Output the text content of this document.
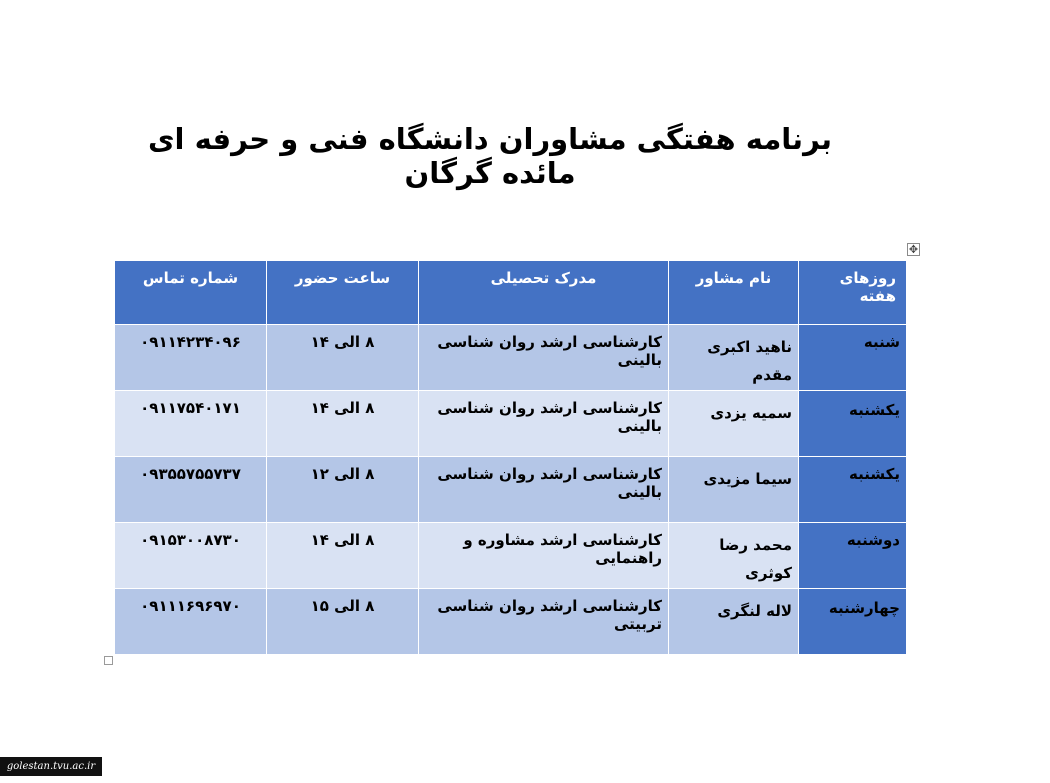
برنامه هفتگی مشاوران دانشگاه فنی و حرفه ای مائده گرگان
✥
روزهای هفته	نام مشاور	مدرک تحصیلی	ساعت حضور	شماره تماس
شنبه	ناهید اکبری مقدم	کارشناسی ارشد روان شناسی بالینی	۸ الی ۱۴	۰۹۱۱۴۲۳۴۰۹۶
یکشنبه	سمیه یزدی	کارشناسی ارشد روان شناسی بالینی	۸ الی ۱۴	۰۹۱۱۷۵۴۰۱۷۱
یکشنبه	سیما مزیدی	کارشناسی ارشد روان شناسی بالینی	۸ الی ۱۲	۰۹۳۵۵۷۵۵۷۳۷
دوشنبه	محمد رضا کوثری	کارشناسی ارشد مشاوره و راهنمایی	۸ الی ۱۴	۰۹۱۵۳۰۰۸۷۳۰
چهارشنبه	لاله لنگری	کارشناسی ارشد روان شناسی تربیتی	۸ الی ۱۵	۰۹۱۱۱۶۹۶۹۷۰
golestan.tvu.ac.ir
